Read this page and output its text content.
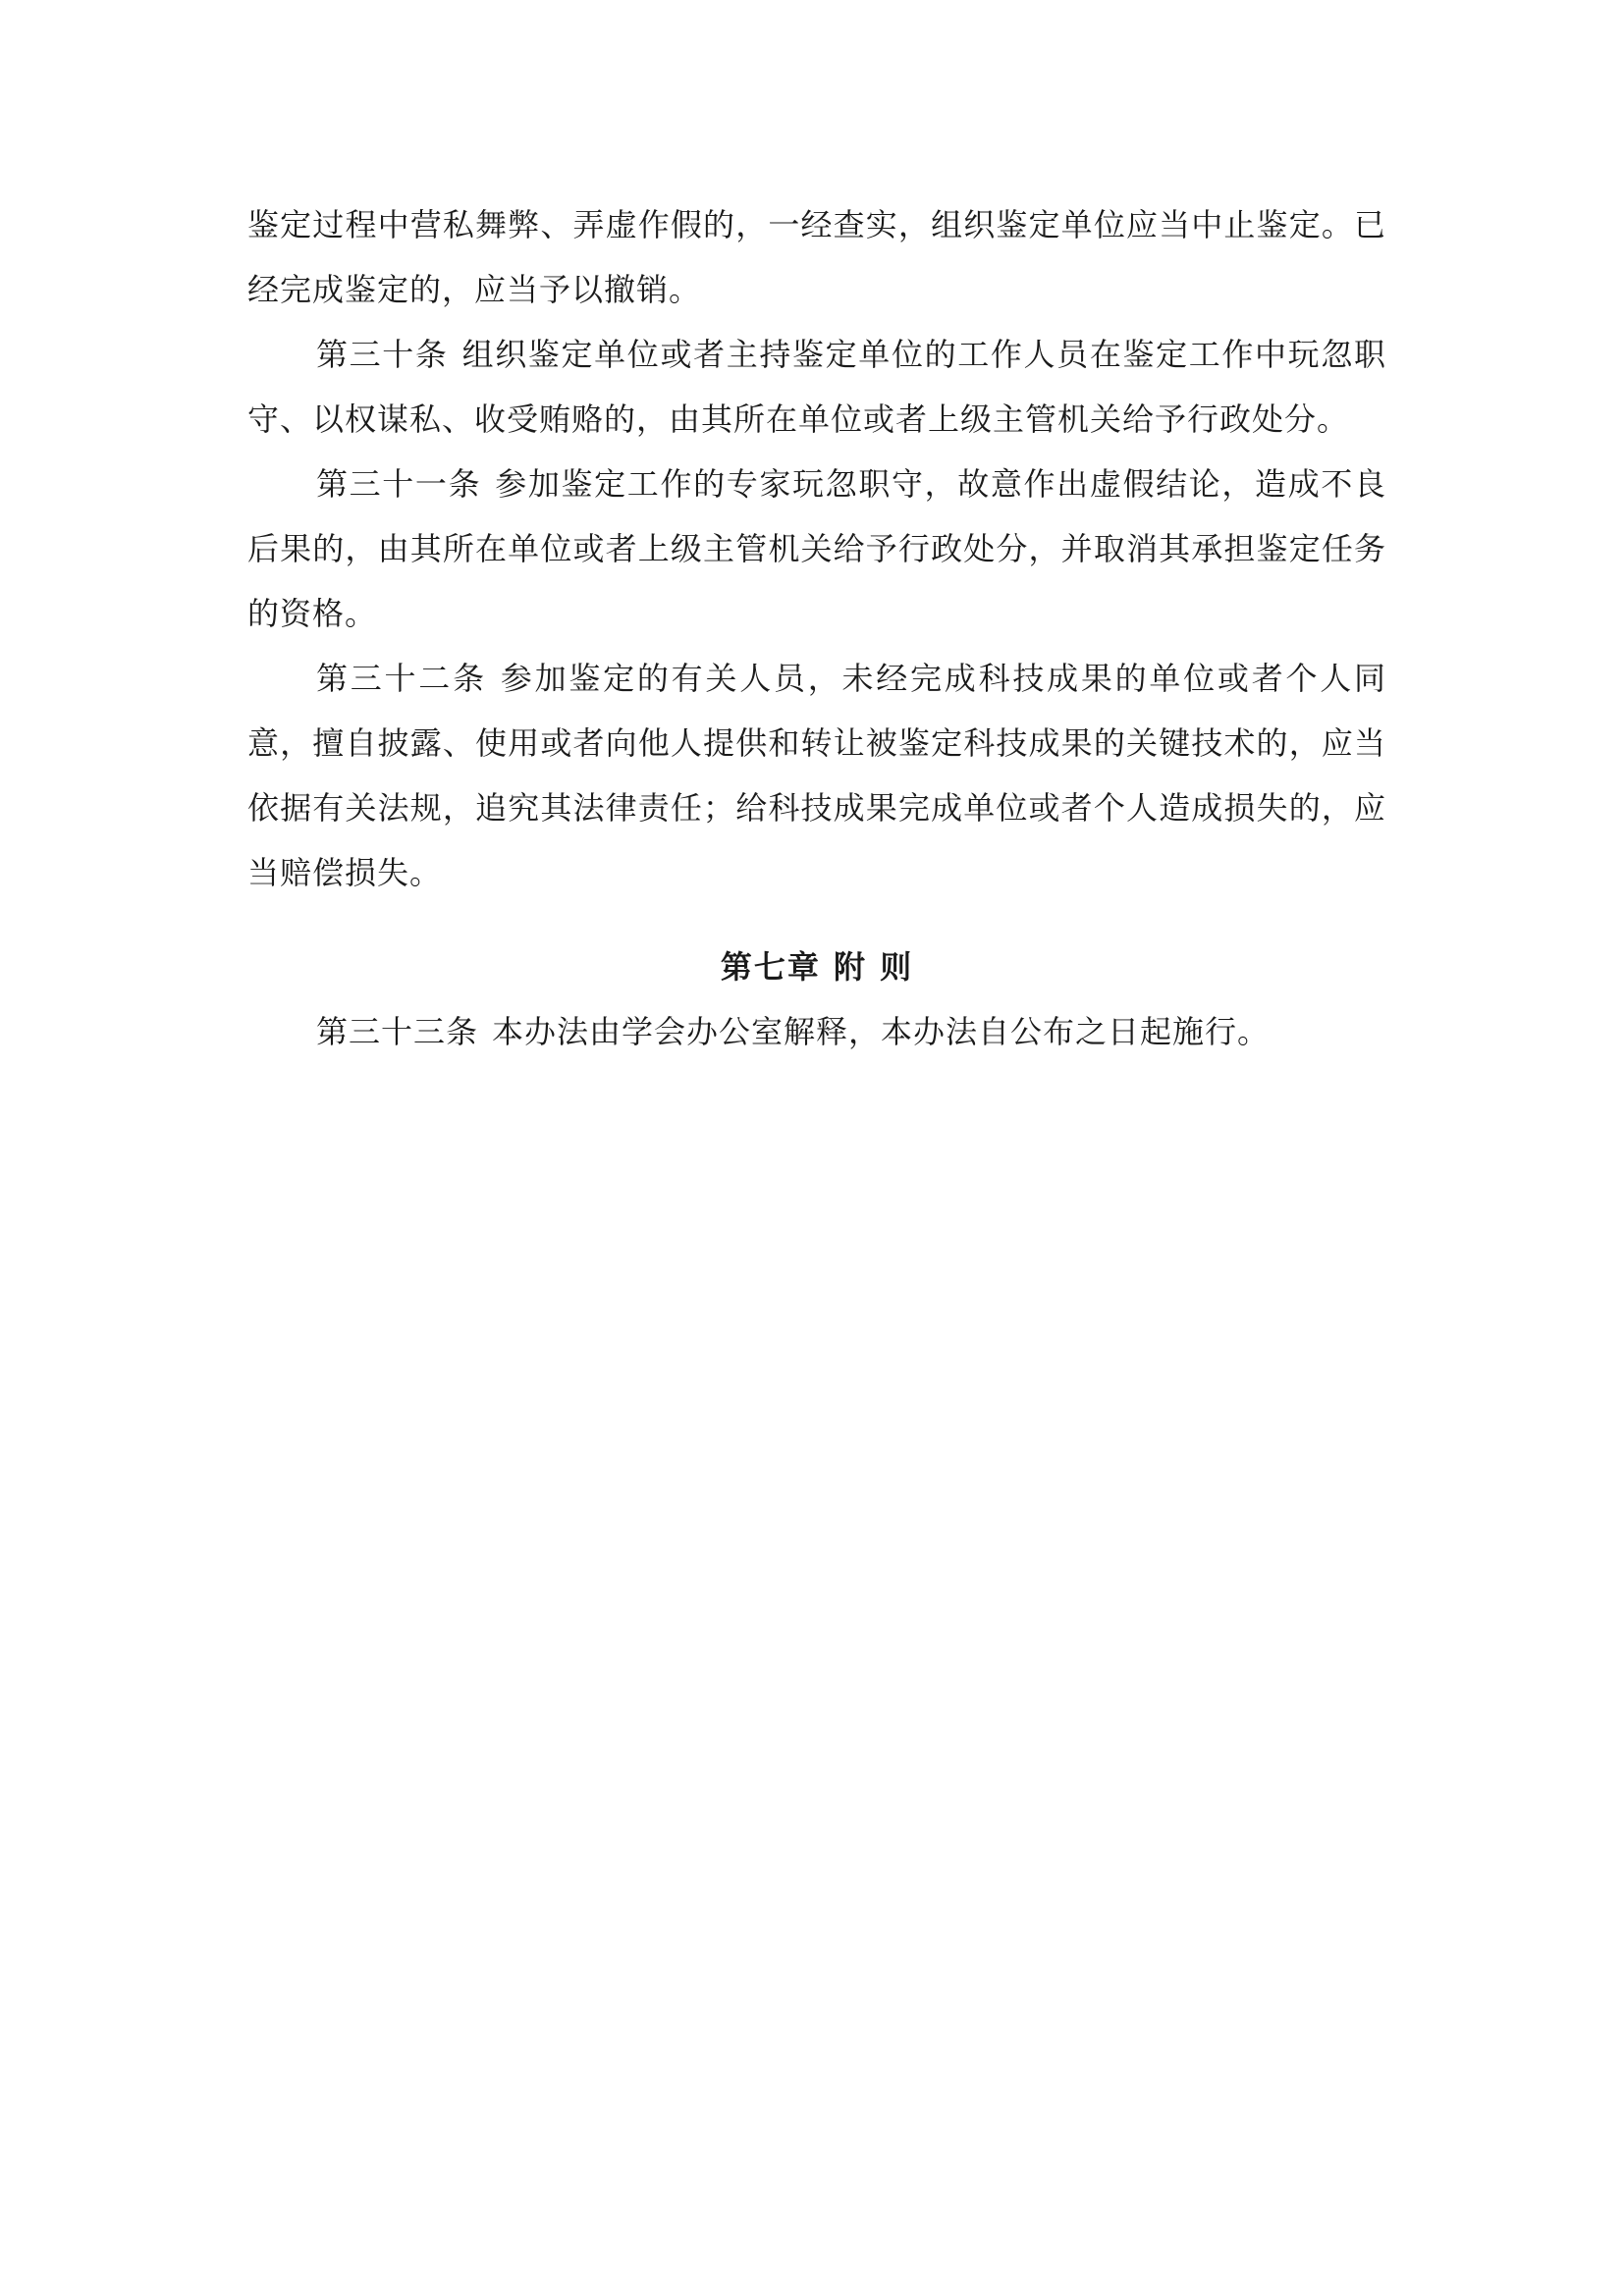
鉴定过程中营私舞弊、弄虚作假的，一经查实，组织鉴定单位应当中止鉴定。已经完成鉴定的，应当予以撤销。

第三十条 组织鉴定单位或者主持鉴定单位的工作人员在鉴定工作中玩忽职守、以权谋私、收受贿赂的，由其所在单位或者上级主管机关给予行政处分。

第三十一条 参加鉴定工作的专家玩忽职守，故意作出虚假结论，造成不良后果的，由其所在单位或者上级主管机关给予行政处分，并取消其承担鉴定任务的资格。

第三十二条 参加鉴定的有关人员，未经完成科技成果的单位或者个人同意，擅自披露、使用或者向他人提供和转让被鉴定科技成果的关键技术的，应当依据有关法规，追究其法律责任；给科技成果完成单位或者个人造成损失的，应当赔偿损失。

第七章 附 则

第三十三条 本办法由学会办公室解释，本办法自公布之日起施行。
